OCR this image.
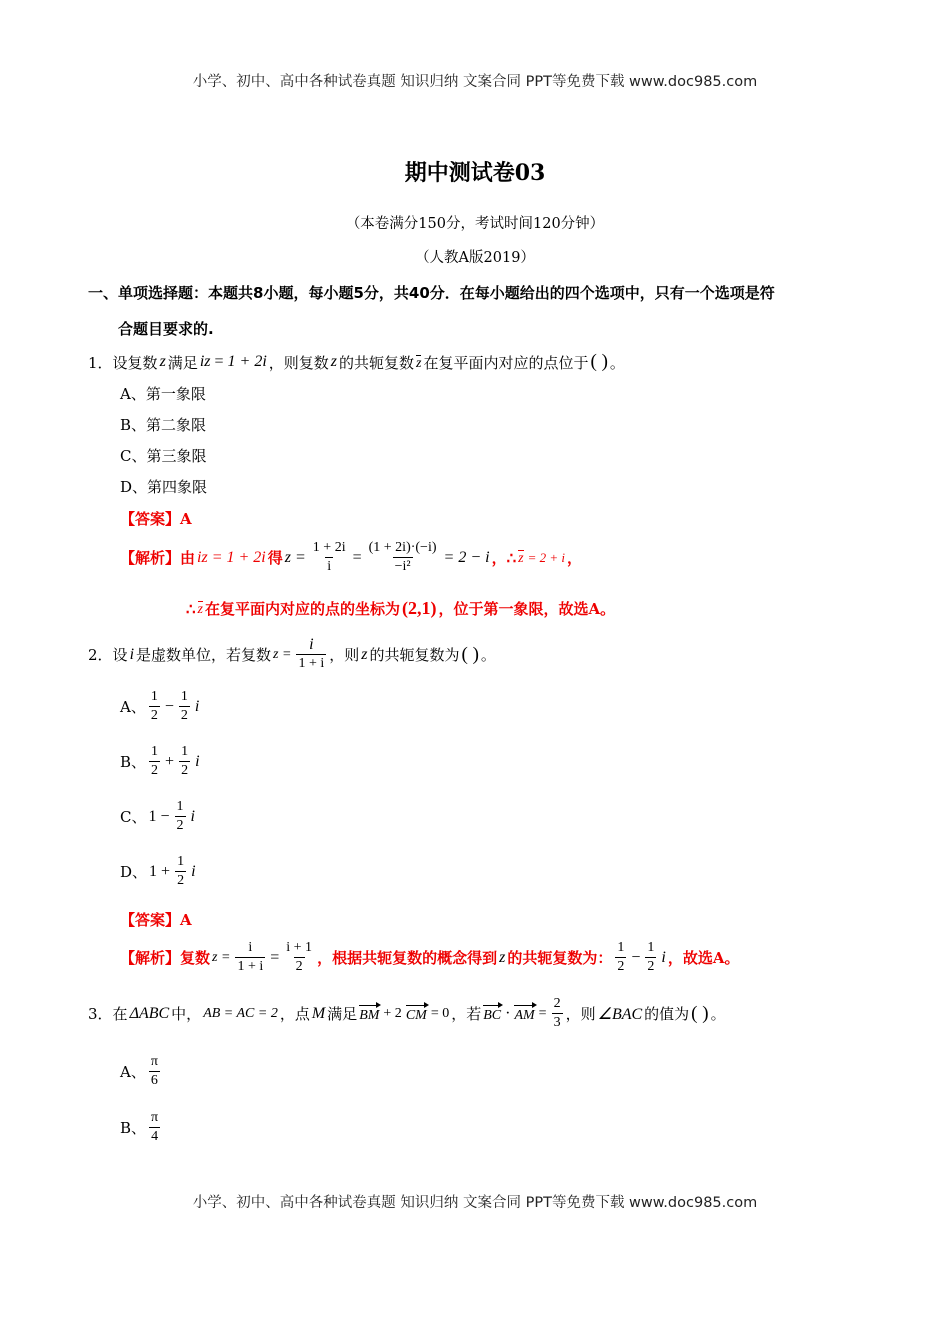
小学、初中、高中各种试卷真题 知识归纳 文案合同 PPT等免费下载 www.doc985.com
期中测试卷03
（本卷满分150分，考试时间120分钟）
（人教A版2019）
一、单项选择题：本题共8小题，每小题5分，共40分．在每小题给出的四个选项中，只有一个选项是符
合题目要求的.
1． 设复数 z 满足 iz = 1 + 2i ，则复数 z 的共轭复数 z 在复平面内对应的点位于 ( ) 。
A、第一象限
B、第二象限
C、第三象限
D、第四象限
【答案】A
【解析】 由 iz = 1 + 2i 得 $z = \frac{1 + 2i}{i} = \frac{(1 + 2i)\cdot(-i)}{\text{−i²}} = 2 - i$ ， ∴ z = 2 + i ，
∴ z 在复平面内对应的点的坐标为 (2,1) ，位于第一象限，故选A。
2． 设 i 是虚数单位，若复数 $z = \frac{i}{1 + i}$ ，则 z 的共轭复数为 ( ) 。
A、 $\frac{1}{2} - \frac{1}{2}$ i
B、 $\frac{1}{2} + \frac{1}{2}$ i
C、 $1 - \frac{1}{2}$ i
D、 $1 + \frac{1}{2}$ i
【答案】A
【解析】 复数 $z = \frac{i}{1 + i} = \frac{i + 1}{2}$ ，根据共轭复数的概念得到 z 的共轭复数为： $\frac{1}{2} - \frac{1}{2}$ i ，故选A。
3． 在 ΔABC 中， AB = AC = 2 ，点 M 满足 BM + 2 CM = 0 ，若 BC · AM = $\frac{2}{3}$ ，则 ∠BAC 的值为 ( ) 。
A、 $\frac{\pi}{6}$
B、 $\frac{\pi}{4}$
小学、初中、高中各种试卷真题 知识归纳 文案合同 PPT等免费下载 www.doc985.com
